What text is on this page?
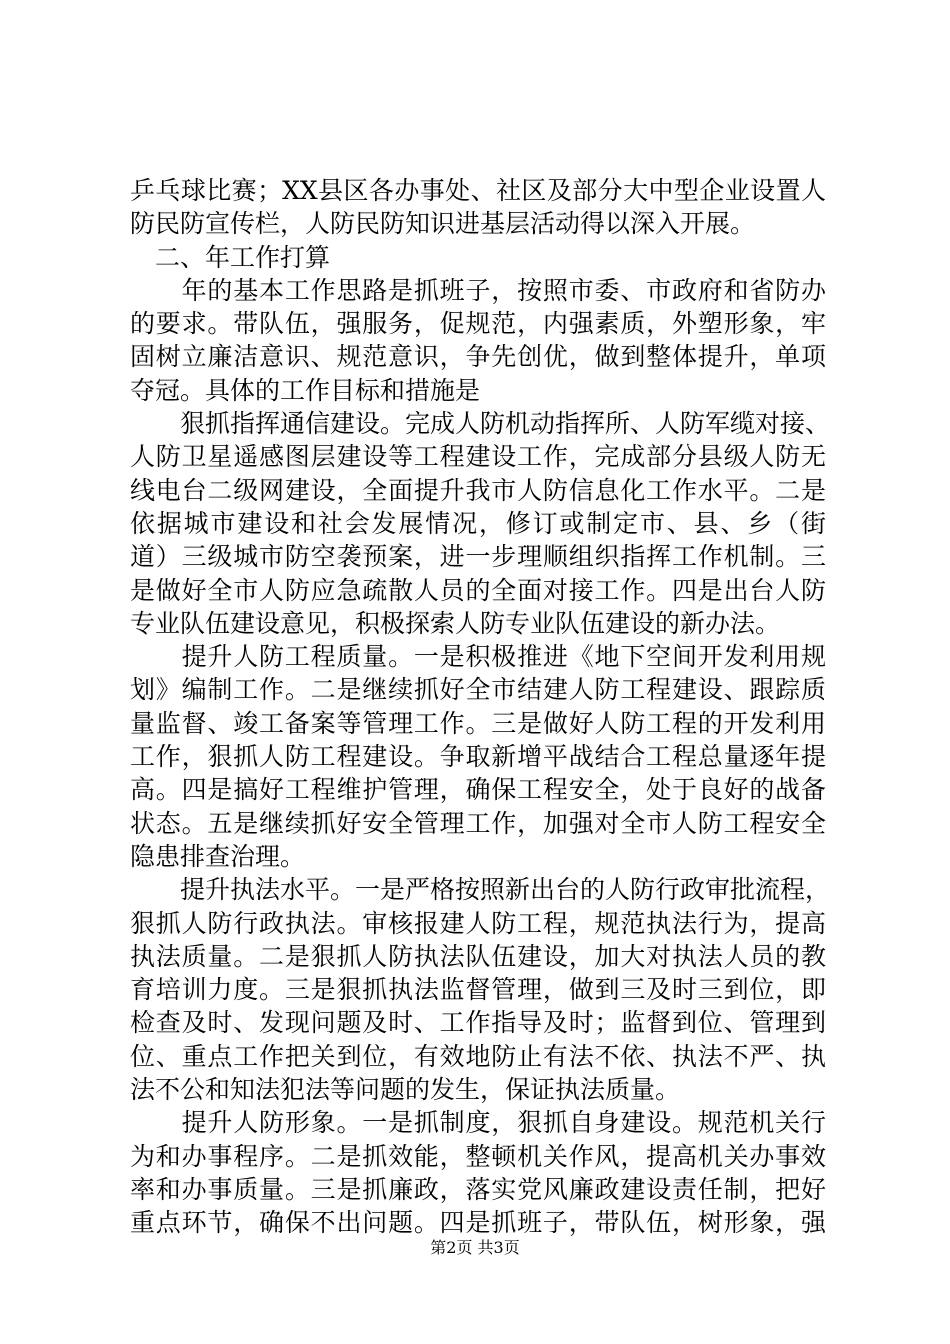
乒乓球比赛；XX县区各办事处、社区及部分大中型企业设置人
防民防宣传栏，人防民防知识进基层活动得以深入开展。
　二、年工作打算
　　年的基本工作思路是抓班子，按照市委、市政府和省防办
的要求。带队伍，强服务，促规范，内强素质，外塑形象，牢
固树立廉洁意识、规范意识，争先创优，做到整体提升，单项
夺冠。具体的工作目标和措施是
　　狠抓指挥通信建设。完成人防机动指挥所、人防军缆对接、
人防卫星遥感图层建设等工程建设工作，完成部分县级人防无
线电台二级网建设，全面提升我市人防信息化工作水平。二是
依据城市建设和社会发展情况，修订或制定市、县、乡（街
道）三级城市防空袭预案，进一步理顺组织指挥工作机制。三
是做好全市人防应急疏散人员的全面对接工作。四是出台人防
专业队伍建设意见，积极探索人防专业队伍建设的新办法。
　　提升人防工程质量。一是积极推进《地下空间开发利用规
划》编制工作。二是继续抓好全市结建人防工程建设、跟踪质
量监督、竣工备案等管理工作。三是做好人防工程的开发利用
工作，狠抓人防工程建设。争取新增平战结合工程总量逐年提
高。四是搞好工程维护管理，确保工程安全，处于良好的战备
状态。五是继续抓好安全管理工作，加强对全市人防工程安全
隐患排查治理。
　　提升执法水平。一是严格按照新出台的人防行政审批流程，
狠抓人防行政执法。审核报建人防工程，规范执法行为，提高
执法质量。二是狠抓人防执法队伍建设，加大对执法人员的教
育培训力度。三是狠抓执法监督管理，做到三及时三到位，即
检查及时、发现问题及时、工作指导及时；监督到位、管理到
位、重点工作把关到位，有效地防止有法不依、执法不严、执
法不公和知法犯法等问题的发生，保证执法质量。
　　提升人防形象。一是抓制度，狠抓自身建设。规范机关行
为和办事程序。二是抓效能，整顿机关作风，提高机关办事效
率和办事质量。三是抓廉政，落实党风廉政建设责任制，把好
重点环节，确保不出问题。四是抓班子，带队伍，树形象，强
第2页 共3页
